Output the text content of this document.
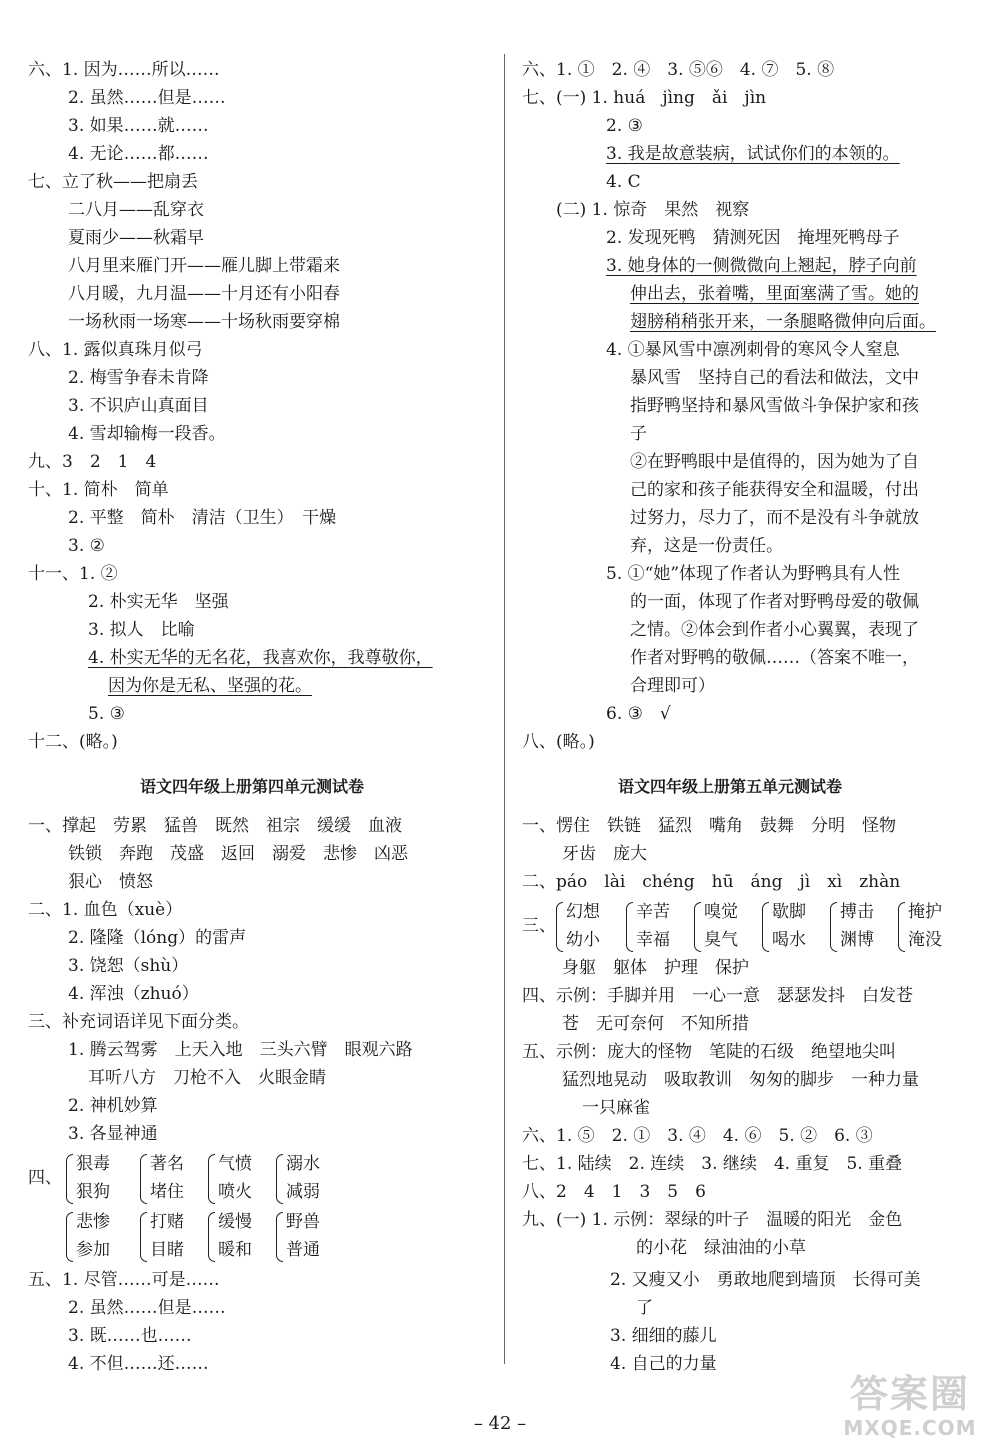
六、1. 因为……所以……
2. 虽然……但是……
3. 如果……就……
4. 无论……都……
七、立了秋——把扇丢
二八月——乱穿衣
夏雨少——秋霜早
八月里来雁门开——雁儿脚上带霜来
八月暖，九月温——十月还有小阳春
一场秋雨一场寒——十场秋雨要穿棉
八、1. 露似真珠月似弓
2. 梅雪争春未肯降
3. 不识庐山真面目
4. 雪却输梅一段香。
九、3　2　1　4
十、1. 简朴　简单
2. 平整　简朴　清洁（卫生）　干燥
3. ②
十一、1. ②
2. 朴实无华　坚强
3. 拟人　比喻
4. 朴实无华的无名花，我喜欢你，我尊敬你，
因为你是无私、坚强的花。
5. ③
十二、(略。)
语文四年级上册第四单元测试卷
一、撑起　劳累　猛兽　既然　祖宗　缓缓　血液
铁锁　奔跑　茂盛　返回　溺爱　悲惨　凶恶
狠心　愤怒
二、1. 血色（xuè）
2. 隆隆（lóng）的雷声
3. 饶恕（shù）
4. 浑浊（zhuó）
三、补充词语详见下面分类。
1. 腾云驾雾　上天入地　三头六臂　眼观六路
耳听八方　刀枪不入　火眼金睛
2. 神机妙算
3. 各显神通
四、
狠毒
狠狗
著名
堵住
气愤
喷火
溺水
减弱
悲惨
参加
打赌
目睹
缓慢
暖和
野兽
普通
五、1. 尽管……可是……
2. 虽然……但是……
3. 既……也……
4. 不但……还……
六、1. ①　2. ④　3. ⑤⑥　4. ⑦　5. ⑧
七、(一) 1. huá　jìng　ǎi　jìn
2. ③
3. 我是故意装病，试试你们的本领的。
4. C
(二) 1. 惊奇　果然　视察
2. 发现死鸭　猜测死因　掩埋死鸭母子
3. 她身体的一侧微微向上翘起，脖子向前
伸出去，张着嘴，里面塞满了雪。她的
翅膀稍稍张开来，一条腿略微伸向后面。
4. ①暴风雪中凛冽刺骨的寒风令人窒息
暴风雪　坚持自己的看法和做法，文中
指野鸭坚持和暴风雪做斗争保护家和孩
子
②在野鸭眼中是值得的，因为她为了自
己的家和孩子能获得安全和温暖，付出
过努力，尽力了，而不是没有斗争就放
弃，这是一份责任。
5. ①“她”体现了作者认为野鸭具有人性
的一面，体现了作者对野鸭母爱的敬佩
之情。②体会到作者小心翼翼，表现了
作者对野鸭的敬佩……（答案不唯一，
合理即可）
6. ③　√
八、(略。)
语文四年级上册第五单元测试卷
一、愣住　铁链　猛烈　嘴角　鼓舞　分明　怪物
牙齿　庞大
二、páo　lài　chéng　hū　áng　jì　xì　zhàn
三、
幻想
幼小
辛苦
幸福
嗅觉
臭气
歇脚
喝水
搏击
渊博
掩护
淹没
身躯　躯体　护理　保护
四、示例：手脚并用　一心一意　瑟瑟发抖　白发苍
苍　无可奈何　不知所措
五、示例：庞大的怪物　笔陡的石级　绝望地尖叫
猛烈地晃动　吸取教训　匆匆的脚步　一种力量
一只麻雀
六、1. ⑤　2. ①　3. ④　4. ⑥　5. ②　6. ③
七、1. 陆续　2. 连续　3. 继续　4. 重复　5. 重叠
八、2　4　1　3　5　6
九、(一) 1. 示例：翠绿的叶子　温暖的阳光　金色
的小花　绿油油的小草
2. 又瘦又小　勇敢地爬到墙顶　长得可美
了
3. 细细的藤儿
4. 自己的力量
– 42 –
答案圈
MXQE.COM
